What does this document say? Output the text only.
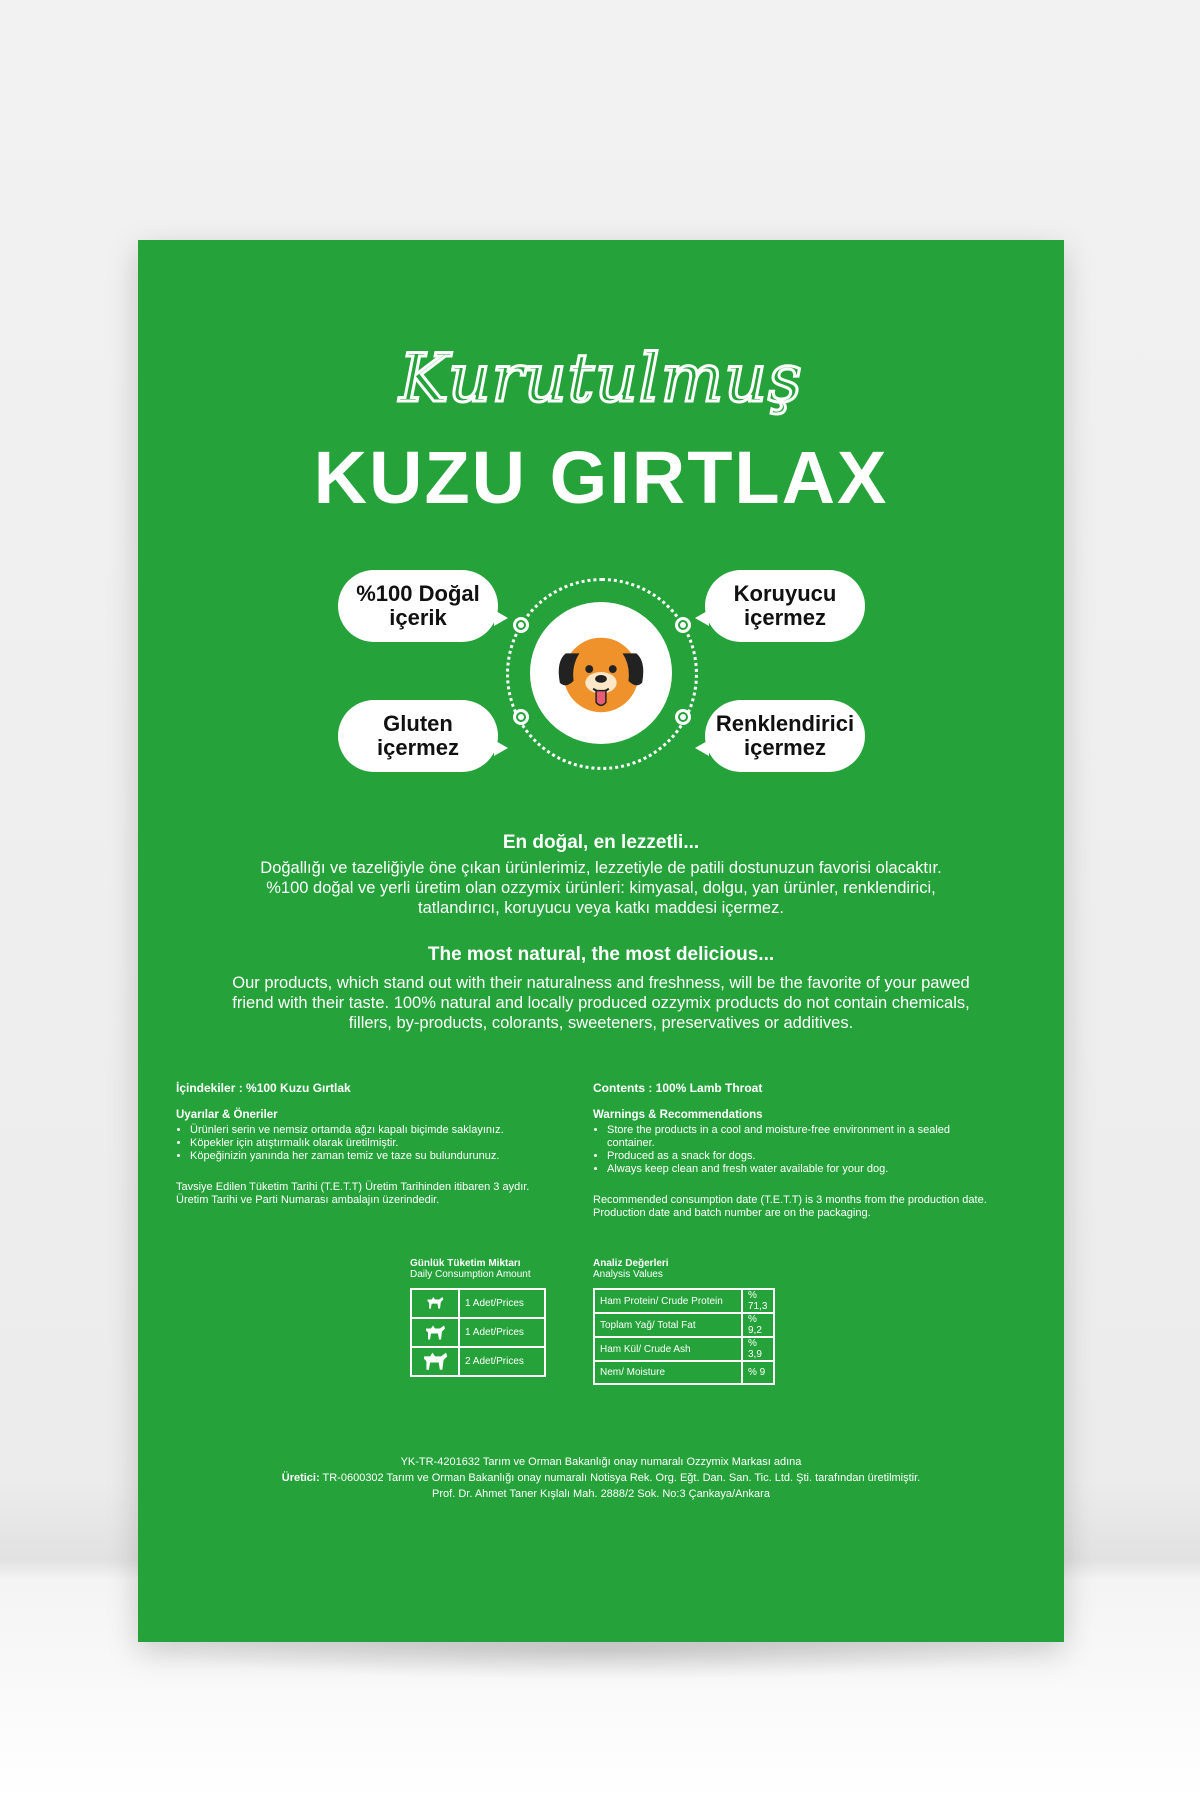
Kurutulmuş
KUZU GIRTLAX
%100 Doğal içerik
Koruyucu içermez
Gluten içermez
Renklendirici içermez
En doğal, en lezzetli...
Doğallığı ve tazeliğiyle öne çıkan ürünlerimiz, lezzetiyle de patili dostunuzun favorisi olacaktır.
%100 doğal ve yerli üretim olan ozzymix ürünleri: kimyasal, dolgu, yan ürünler, renklendirici,
tatlandırıcı, koruyucu veya katkı maddesi içermez.
The most natural, the most delicious...
Our products, which stand out with their naturalness and freshness, will be the favorite of your pawed
friend with their taste. 100% natural and locally produced ozzymix products do not contain chemicals,
fillers, by-products, colorants, sweeteners, preservatives or additives.
İçindekiler : %100 Kuzu Gırtlak
Uyarılar & Öneriler
• Ürünleri serin ve nemsiz ortamda ağzı kapalı biçimde saklayınız.
• Köpekler için atıştırmalık olarak üretilmiştir.
• Köpeğinizin yanında her zaman temiz ve taze su bulundurunuz.
Tavsiye Edilen Tüketim Tarihi (T.E.T.T) Üretim Tarihinden itibaren 3 aydır. Üretim Tarihi ve Parti Numarası ambalajın üzerindedir.
Contents : 100% Lamb Throat
Warnings & Recommendations
• Store the products in a cool and moisture-free environment in a sealed container.
• Produced as a snack for dogs.
• Always keep clean and fresh water available for your dog.
Recommended consumption date (T.E.T.T) is 3 months from the production date. Production date and batch number are on the packaging.
Günlük Tüketim Miktarı
Daily Consumption Amount
	1 Adet/Prices
	1 Adet/Prices
	2 Adet/Prices
Analiz Değerleri
Analysis Values
Ham Protein/ Crude Protein	% 71,3
Toplam Yağ/ Total Fat	% 9,2
Ham Kül/ Crude Ash	% 3,9
Nem/ Moisture	% 9
YK-TR-4201632 Tarım ve Orman Bakanlığı onay numaralı Ozzymix Markası adına
Üretici: TR-0600302 Tarım ve Orman Bakanlığı onay numaralı Notisya Rek. Org. Eğt. Dan. San. Tic. Ltd. Şti. tarafından üretilmiştir.
Prof. Dr. Ahmet Taner Kışlalı Mah. 2888/2 Sok. No:3 Çankaya/Ankara
